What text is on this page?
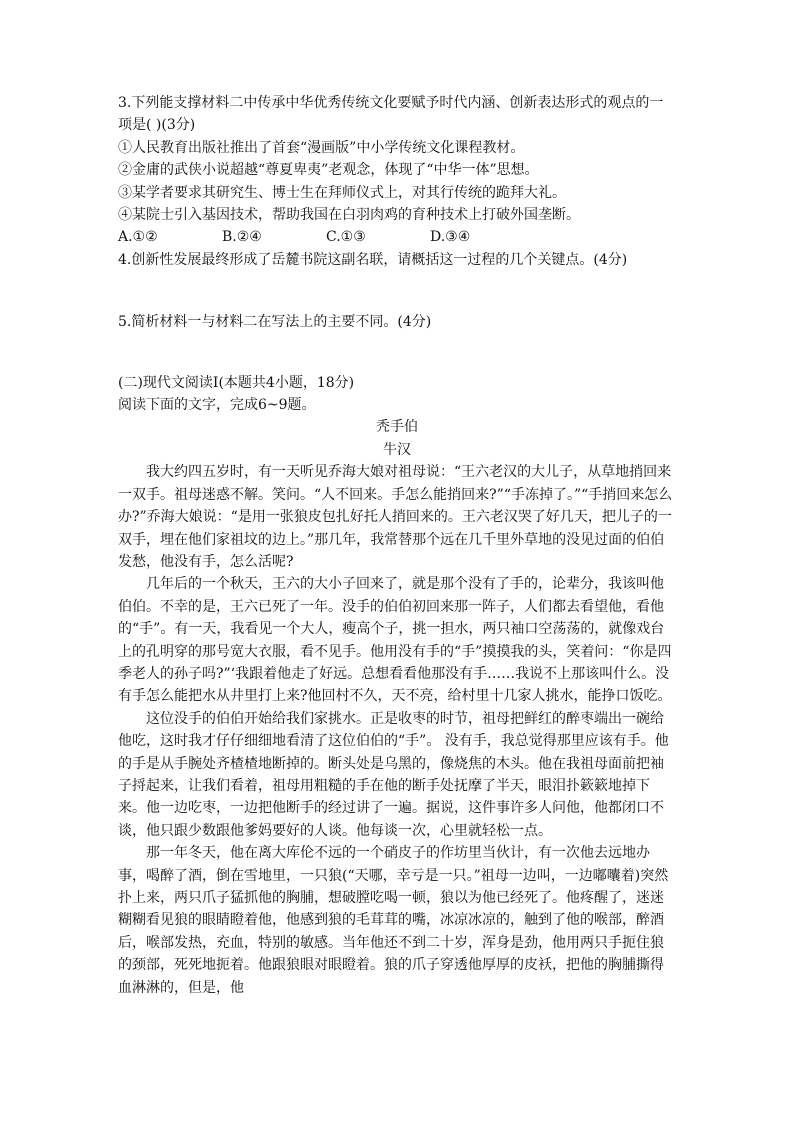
3.下列能支撑材料二中传承中华优秀传统文化要赋予时代内涵、创新表达形式的观点的一项是( )(3分)

①人民教育出版社推出了首套“漫画版”中小学传统文化课程教材。

②金庸的武侠小说超越“尊夏卑夷”老观念，体现了“中华一体”思想。

③某学者要求其研究生、博士生在拜师仪式上，对其行传统的跪拜大礼。

④某院士引入基因技术，帮助我国在白羽肉鸡的育种技术上打破外国垄断。

A.①②	B.②④	C.①③	D.③④

4.创新性发展最终形成了岳麓书院这副名联，请概括这一过程的几个关键点。(4分)

5.简析材料一与材料二在写法上的主要不同。(4分)

(二)现代文阅读Ⅰ(本题共4小题，18分)

阅读下面的文字，完成6~9题。

秃手伯

牛汉

我大约四五岁时，有一天听见乔海大娘对祖母说：“王六老汉的大儿子，从草地捎回来一双手。祖母迷惑不解。笑问。“人不回来。手怎么能捎回来?”“手冻掉了。”“手捎回来怎么办?”乔海大娘说：“是用一张狼皮包扎好托人捎回来的。王六老汉哭了好几天，把儿子的一双手，埋在他们家祖坟的边上。”那几年，我常替那个远在几千里外草地的没见过面的伯伯发愁，他没有手，怎么活呢?

几年后的一个秋天，王六的大小子回来了，就是那个没有了手的，论辈分，我该叫他伯伯。不幸的是，王六已死了一年。没手的伯伯初回来那一阵子，人们都去看望他，看他的“手”。有一天，我看见一个大人，瘦高个子，挑一担水，两只袖口空荡荡的，就像戏台上的孔明穿的那号宽大衣服，看不见手。他用没有手的“手”摸摸我的头，笑着问：“你是四季老人的孙子吗?”‘我跟着他走了好远。总想看看他那没有手……我说不上那该叫什么。没有手怎么能把水从井里打上来?他回村不久，天不亮，给村里十几家人挑水，能挣口饭吃。

这位没手的伯伯开始给我们家挑水。正是收枣的时节，祖母把鲜红的醉枣端出一碗给他吃，这时我才仔仔细细地看清了这位伯伯的“手”。 没有手，我总觉得那里应该有手。他的手是从手腕处齐楂楂地断掉的。断头处是乌黑的，像烧焦的木头。他在我祖母面前把袖子捋起来，让我们看着，祖母用粗糙的手在他的断手处抚摩了半天，眼泪扑簌簌地掉下来。他一边吃枣，一边把他断手的经过讲了一遍。据说，这件事许多人问他，他都闭口不谈，他只跟少数跟他爹妈要好的人谈。他每谈一次，心里就轻松一点。

那一年冬天，他在离大库伦不远的一个硝皮子的作坊里当伙计，有一次他去远地办事，喝醉了酒，倒在雪地里，一只狼(“天哪，幸亏是一只。”祖母一边叫，一边嘟囔着)突然扑上来，两只爪子猛抓他的胸脯，想破膛吃喝一顿，狼以为他已经死了。他疼醒了，迷迷糊糊看见狼的眼睛瞪着他，他感到狼的毛茸茸的嘴，冰凉冰凉的，触到了他的喉部，醉酒后，喉部发热，充血，特别的敏感。当年他还不到二十岁，浑身是劲，他用两只手扼住狼的颈部，死死地扼着。他跟狼眼对眼瞪着。狼的爪子穿透他厚厚的皮袄，把他的胸脯撕得血淋淋的，但是，他
